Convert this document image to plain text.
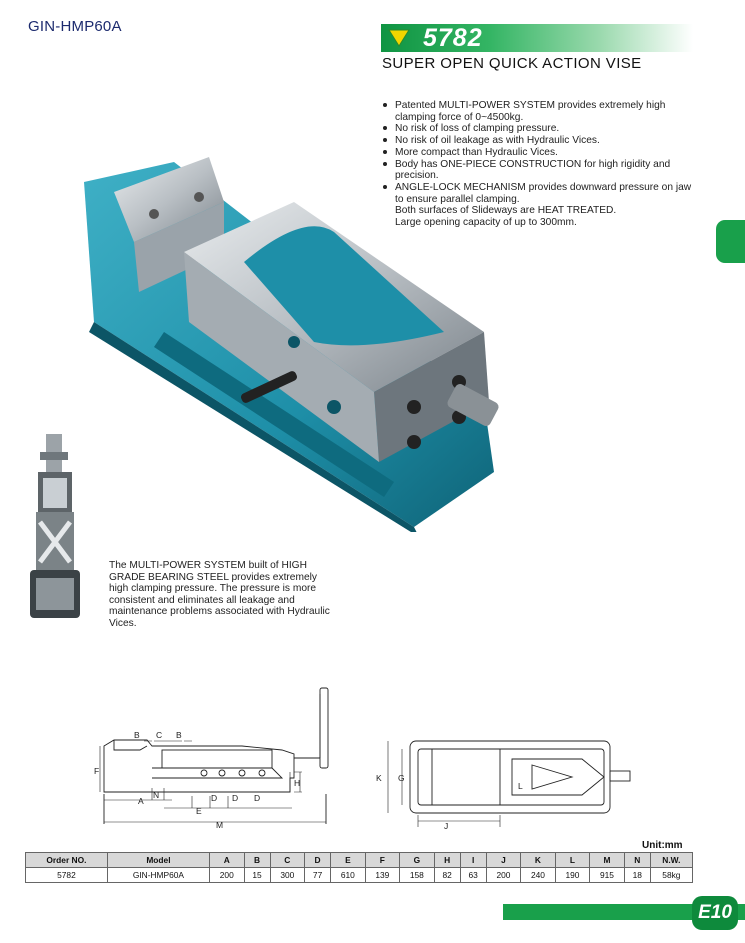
GIN-HMP60A	5782
SUPER OPEN QUICK ACTION VISE
Patented MULTI-POWER SYSTEM provides extremely high clamping force of 0~4500kg.
No risk of loss of clamping pressure.
No risk of oil leakage as with Hydraulic Vices.
More compact than Hydraulic Vices.
Body has ONE-PIECE CONSTRUCTION for high rigidity and precision.
ANGLE-LOCK MECHANISM provides downward pressure on jaw to ensure parallel clamping.
Both surfaces of Slideways are HEAT TREATED.
Large opening capacity of up to 300mm.
The MULTI-POWER SYSTEM built of HIGH GRADE BEARING STEEL provides extremely high clamping pressure. The pressure is more consistent and eliminates all leakage and maintenance problems associated with Hydraulic Vices.
B C B
F
H
A
N	D D D
E
M
K G
L
J
Unit:mm
Order NO.	Model	A	B	C	D	E	F	G	H	I	J	K	L	M	N	N.W.
5782	GIN-HMP60A	200	15	300	77	610	139	158	82	63	200	240	190	915	18	58kg
E10
